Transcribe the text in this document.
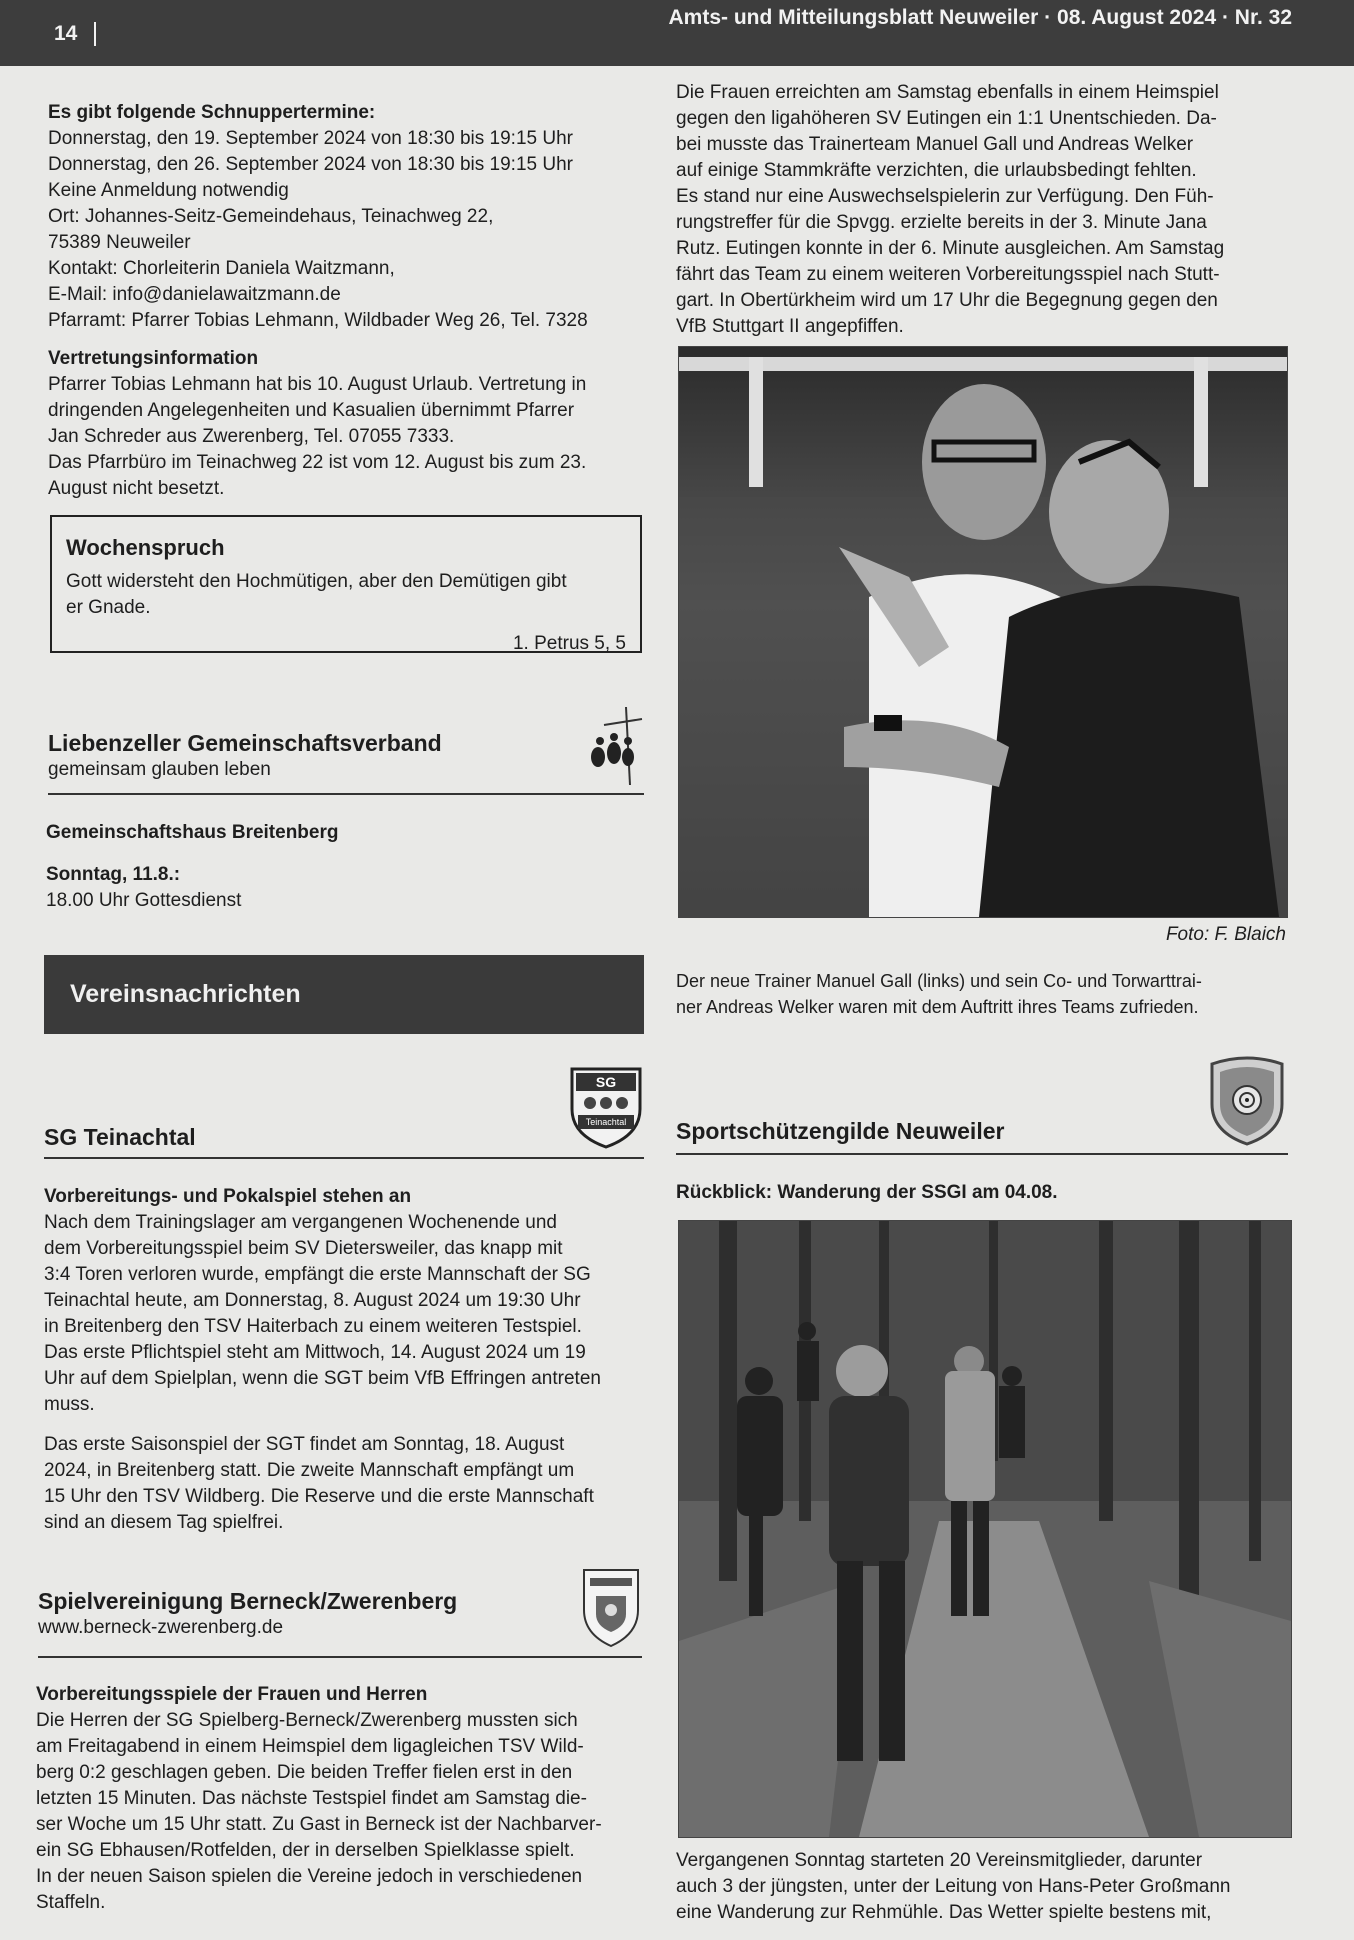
14
Amts- und Mitteilungsblatt Neuweiler · 08. August 2024 · Nr. 32

Es gibt folgende Schnuppertermine:

Donnerstag, den 19. September 2024 von 18:30 bis 19:15 Uhr

Donnerstag, den 26. September 2024 von 18:30 bis 19:15 Uhr

Keine Anmeldung notwendig

Ort: Johannes-Seitz-Gemeindehaus, Teinachweg 22,

75389 Neuweiler

Kontakt: Chorleiterin Daniela Waitzmann,

E-Mail: info@danielawaitzmann.de

Pfarramt: Pfarrer Tobias Lehmann, Wildbader Weg 26, Tel. 7328

Vertretungsinformation

Pfarrer Tobias Lehmann hat bis 10. August Urlaub. Vertretung in

dringenden Angelegenheiten und Kasualien übernimmt Pfarrer

Jan Schreder aus Zwerenberg, Tel. 07055 7333.

Das Pfarrbüro im Teinachweg 22 ist vom 12. August bis zum 23.

August nicht besetzt.

Wochenspruch

Gott widersteht den Hochmütigen, aber den Demütigen gibt

er Gnade.

1. Petrus 5, 5

Liebenzeller Gemeinschaftsverband

gemeinsam glauben leben

Gemeinschaftshaus Breitenberg

Sonntag, 11.8.:

18.00 Uhr Gottesdienst

Vereinsnachrichten
SG
Teinachtal

SG Teinachtal

Vorbereitungs- und Pokalspiel stehen an

Nach dem Trainingslager am vergangenen Wochenende und

dem Vorbereitungsspiel beim SV Dietersweiler, das knapp mit

3:4 Toren verloren wurde, empfängt die erste Mannschaft der SG

Teinachtal heute, am Donnerstag, 8. August 2024 um 19:30 Uhr

in Breitenberg den TSV Haiterbach zu einem weiteren Testspiel.

Das erste Pflichtspiel steht am Mittwoch, 14. August 2024 um 19

Uhr auf dem Spielplan, wenn die SGT beim VfB Effringen antreten

muss.

Das erste Saisonspiel der SGT findet am Sonntag, 18. August

2024, in Breitenberg statt. Die zweite Mannschaft empfängt um

15 Uhr den TSV Wildberg. Die Reserve und die erste Mannschaft

sind an diesem Tag spielfrei.

Spielvereinigung Berneck/Zwerenberg

www.berneck-zwerenberg.de

Vorbereitungsspiele der Frauen und Herren

Die Herren der SG Spielberg-Berneck/Zwerenberg mussten sich

am Freitagabend in einem Heimspiel dem ligagleichen TSV Wild-

berg 0:2 geschlagen geben. Die beiden Treffer fielen erst in den

letzten 15 Minuten. Das nächste Testspiel findet am Samstag die-

ser Woche um 15 Uhr statt. Zu Gast in Berneck ist der Nachbarver-

ein SG Ebhausen/Rotfelden, der in derselben Spielklasse spielt.

In der neuen Saison spielen die Vereine jedoch in verschiedenen

Staffeln.

Die Frauen erreichten am Samstag ebenfalls in einem Heimspiel

gegen den ligahöheren SV Eutingen ein 1:1 Unentschieden. Da-

bei musste das Trainerteam Manuel Gall und Andreas Welker

auf einige Stammkräfte verzichten, die urlaubsbedingt fehlten.

Es stand nur eine Auswechselspielerin zur Verfügung. Den Füh-

rungstreffer für die Spvgg. erzielte bereits in der 3. Minute Jana

Rutz. Eutingen konnte in der 6. Minute ausgleichen. Am Samstag

fährt das Team zu einem weiteren Vorbereitungsspiel nach Stutt-

gart. In Obertürkheim wird um 17 Uhr die Begegnung gegen den

VfB Stuttgart II angepfiffen.

Foto: F. Blaich

Der neue Trainer Manuel Gall (links) und sein Co- und Torwarttrai-

ner Andreas Welker waren mit dem Auftritt ihres Teams zufrieden.

Sportschützengilde Neuweiler

Rückblick: Wanderung der SSGI am 04.08.

Vergangenen Sonntag starteten 20 Vereinsmitglieder, darunter

auch 3 der jüngsten, unter der Leitung von Hans-Peter Großmann

eine Wanderung zur Rehmühle. Das Wetter spielte bestens mit,
